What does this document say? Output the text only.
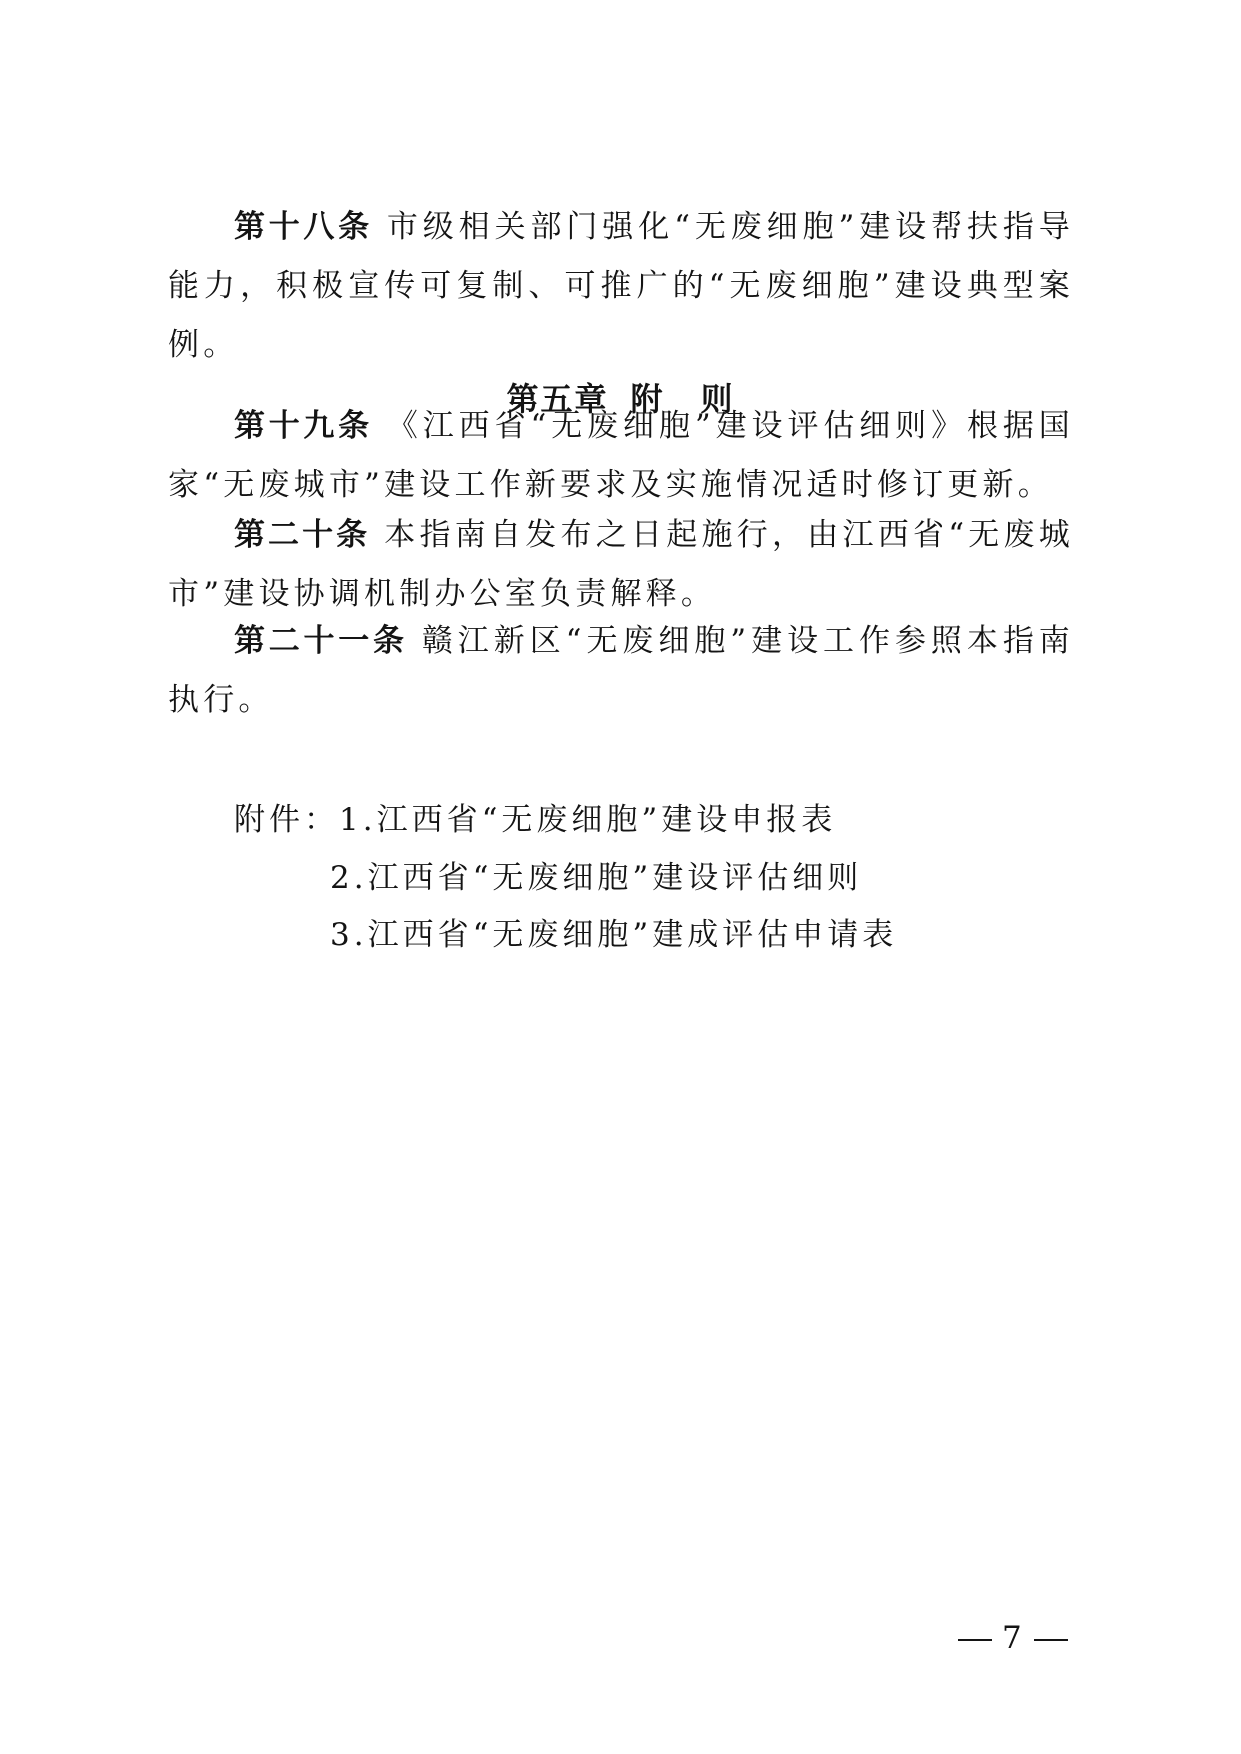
第十八条 市级相关部门强化“无废细胞”建设帮扶指导能力，积极宣传可复制、可推广的“无废细胞”建设典型案例。

第五章 附 则

第十九条 《江西省“无废细胞”建设评估细则》根据国家“无废城市”建设工作新要求及实施情况适时修订更新。

第二十条 本指南自发布之日起施行，由江西省“无废城市”建设协调机制办公室负责解释。

第二十一条 赣江新区“无废细胞”建设工作参照本指南执行。

附件：1.江西省“无废细胞”建设申报表

2.江西省“无废细胞”建设评估细则

3.江西省“无废细胞”建成评估申请表

7
